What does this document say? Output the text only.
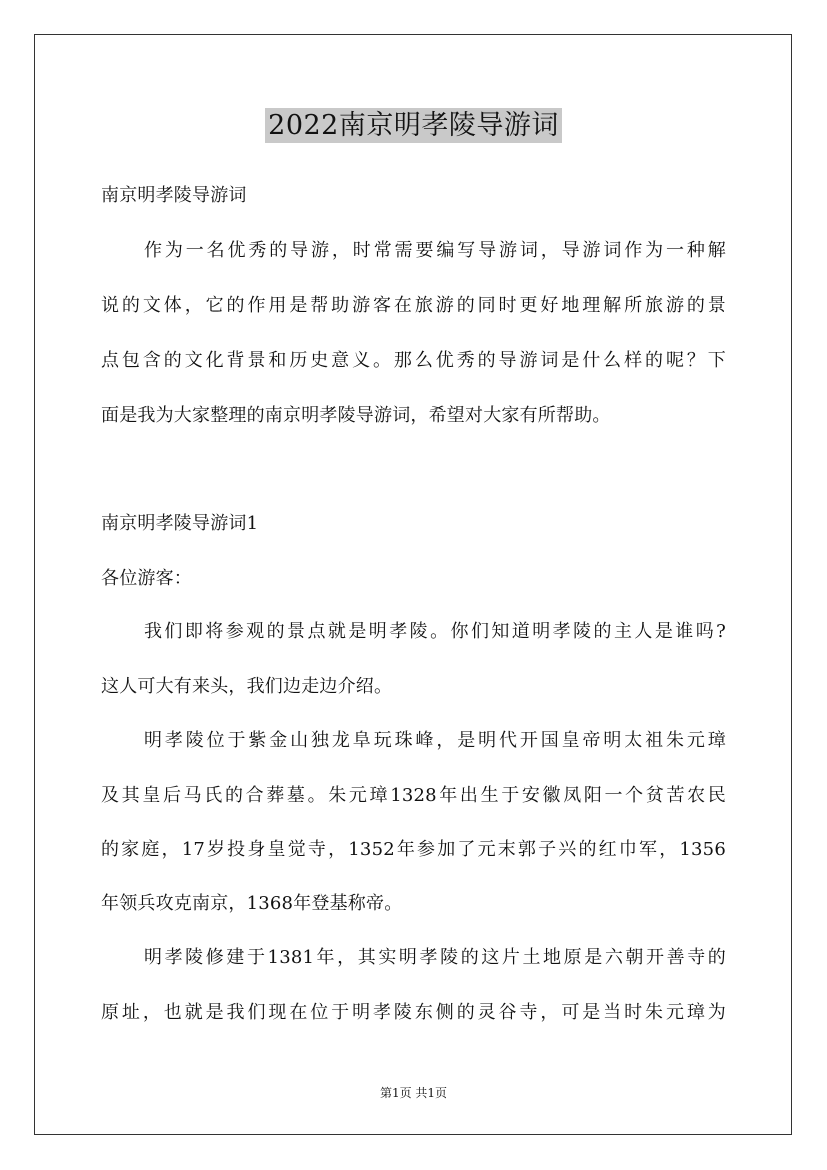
2022南京明孝陵导游词
南京明孝陵导游词
作为一名优秀的导游，时常需要编写导游词，导游词作为一种解
说的文体，它的作用是帮助游客在旅游的同时更好地理解所旅游的景
点包含的文化背景和历史意义。那么优秀的导游词是什么样的呢？下
面是我为大家整理的南京明孝陵导游词，希望对大家有所帮助。
南京明孝陵导游词1
各位游客：
我们即将参观的景点就是明孝陵。你们知道明孝陵的主人是谁吗?
这人可大有来头，我们边走边介绍。
明孝陵位于紫金山独龙阜玩珠峰，是明代开国皇帝明太祖朱元璋
及其皇后马氏的合葬墓。朱元璋1328年出生于安徽凤阳一个贫苦农民
的家庭，17岁投身皇觉寺，1352年参加了元末郭子兴的红巾军，1356
年领兵攻克南京，1368年登基称帝。
明孝陵修建于1381年，其实明孝陵的这片土地原是六朝开善寺的
原址，也就是我们现在位于明孝陵东侧的灵谷寺，可是当时朱元璋为
第1页 共1页
